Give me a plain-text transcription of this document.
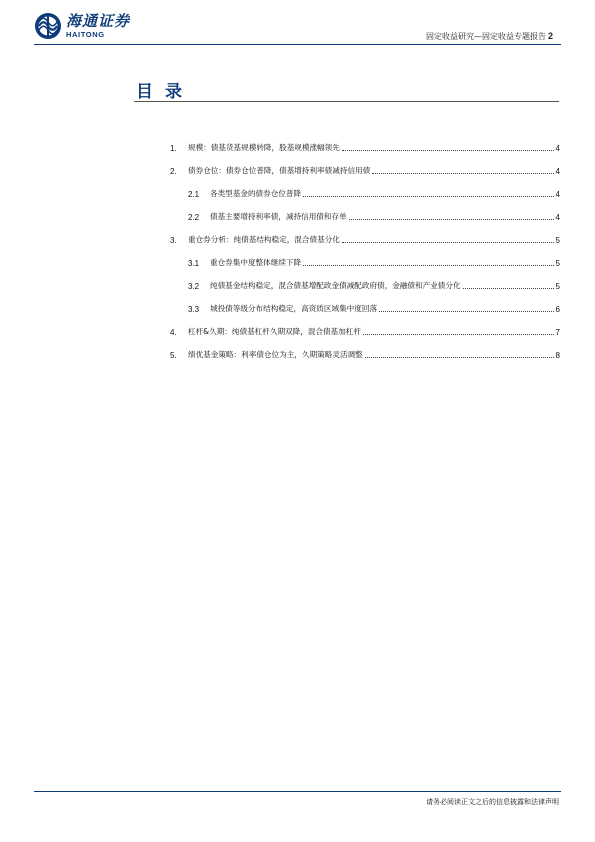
海通证券
HAITONG	固定收益研究—固定收益专题报告 2
目录
1.	规模：债基货基规模转降，股基规模涨幅领先	4
2.	债券仓位：债券仓位普降，债基增持利率债减持信用债	4
2.1	各类型基金的债券仓位普降	4
2.2	债基主要增持利率债，减持信用债和存单	4
3.	重仓券分析：纯债基结构稳定，混合债基分化	5
3.1	重仓券集中度整体继续下降	5
3.2	纯债基金结构稳定，混合债基增配政金债减配政府债，金融债和产业债分化	5
3.3	城投债等级分布结构稳定，高资质区域集中度回落	6
4.	杠杆&久期：纯债基杠杆久期双降，混合债基加杠杆	7
5.	绩优基金策略：利率债仓位为主，久期策略灵活调整	8
请务必阅读正文之后的信息披露和法律声明
